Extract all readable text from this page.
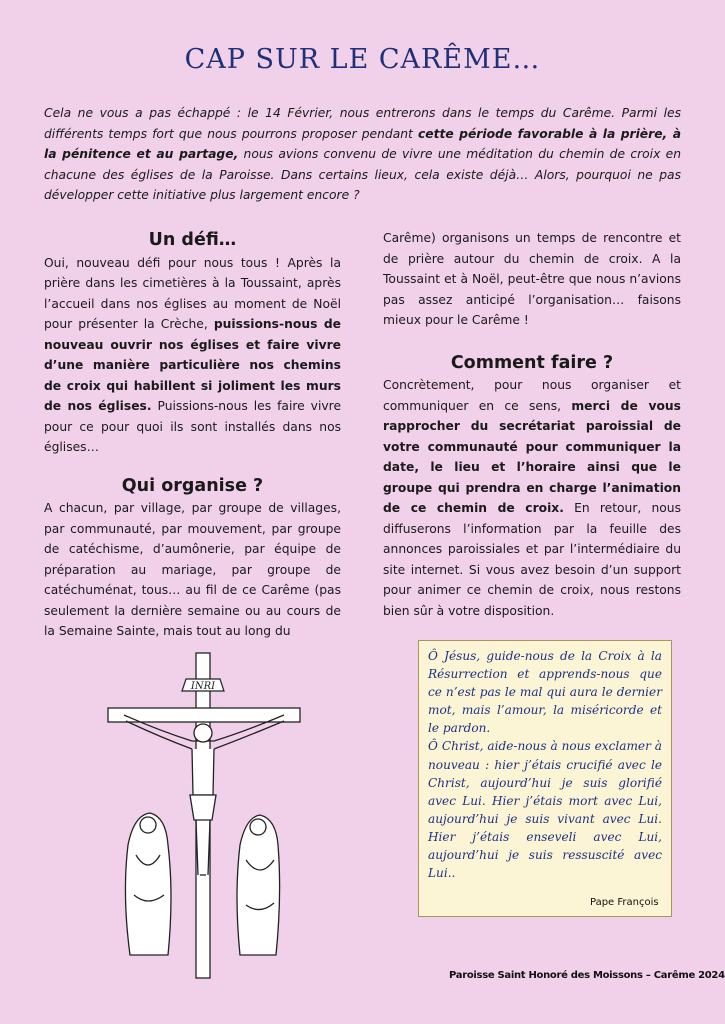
CAP SUR LE CARÊME…
Cela ne vous a pas échappé : le 14 Février, nous entrerons dans le temps du Carême. Parmi les différents temps fort que nous pourrons proposer pendant cette période favorable à la prière, à la pénitence et au partage, nous avions convenu de vivre une méditation du chemin de croix en chacune des églises de la Paroisse. Dans certains lieux, cela existe déjà… Alors, pourquoi ne pas développer cette initiative plus largement encore ?
Un défi…
Oui, nouveau défi pour nous tous ! Après la prière dans les cimetières à la Toussaint, après l’accueil dans nos églises au moment de Noël pour présenter la Crèche, puissions-nous de nouveau ouvrir nos églises et faire vivre d’une manière particulière nos chemins de croix qui habillent si joliment les murs de nos églises. Puissions-nous les faire vivre pour ce pour quoi ils sont installés dans nos églises…
Qui organise ?
A chacun, par village, par groupe de villages, par communauté, par mouvement, par groupe de catéchisme, d’aumônerie, par équipe de préparation au mariage, par groupe de catéchuménat, tous… au fil de ce Carême (pas seulement la dernière semaine ou au cours de la Semaine Sainte, mais tout au long du
Carême) organisons un temps de rencontre et de prière autour du chemin de croix. A la Toussaint et à Noël, peut-être que nous n’avions pas assez anticipé l’organisation… faisons mieux pour le Carême !
Comment faire ?
Concrètement, pour nous organiser et communiquer en ce sens, merci de vous rapprocher du secrétariat paroissial de votre communauté pour communiquer la date, le lieu et l’horaire ainsi que le groupe qui prendra en charge l’animation de ce chemin de croix. En retour, nous diffuserons l’information par la feuille des annonces paroissiales et par l’intermédiaire du site internet. Si vous avez besoin d’un support pour animer ce chemin de croix, nous restons bien sûr à votre disposition.
INRI
Ô Jésus, guide-nous de la Croix à la Résurrection et apprends-nous que ce n’est pas le mal qui aura le dernier mot, mais l’amour, la miséricorde et le pardon.
Ô Christ, aide-nous à nous exclamer à nouveau : hier j’étais crucifié avec le Christ, aujourd’hui je suis glorifié avec Lui. Hier j’étais mort avec Lui, aujourd’hui je suis vivant avec Lui. Hier j’étais enseveli avec Lui, aujourd’hui je suis ressuscité avec Lui..
Pape François
Paroisse Saint Honoré des Moissons – Carême 2024
